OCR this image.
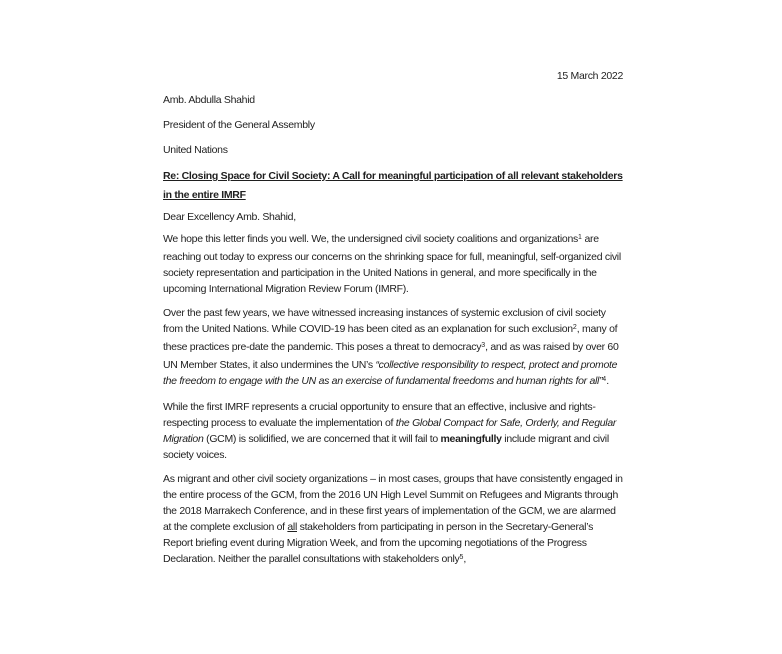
15 March 2022

Amb. Abdulla Shahid

President of the General Assembly

United Nations

Re: Closing Space for Civil Society: A Call for meaningful participation of all relevant stakeholders in the entire IMRF

Dear Excellency Amb. Shahid,

We hope this letter finds you well. We, the undersigned civil society coalitions and organizations$^1$ are reaching out today to express our concerns on the shrinking space for full, meaningful, self-organized civil society representation and participation in the United Nations in general, and more specifically in the upcoming International Migration Review Forum (IMRF).

Over the past few years, we have witnessed increasing instances of systemic exclusion of civil society from the United Nations. While COVID-19 has been cited as an explanation for such exclusion$^2$, many of these practices pre-date the pandemic. This poses a threat to democracy$^3$, and as was raised by over 60 UN Member States, it also undermines the UN’s “collective responsibility to respect, protect and promote the freedom to engage with the UN as an exercise of fundamental freedoms and human rights for all”$^4$.

While the first IMRF represents a crucial opportunity to ensure that an effective, inclusive and rights-respecting process to evaluate the implementation of the Global Compact for Safe, Orderly, and Regular Migration (GCM) is solidified, we are concerned that it will fail to meaningfully include migrant and civil society voices.

As migrant and other civil society organizations – in most cases, groups that have consistently engaged in the entire process of the GCM, from the 2016 UN High Level Summit on Refugees and Migrants through the 2018 Marrakech Conference, and in these first years of implementation of the GCM, we are alarmed at the complete exclusion of all stakeholders from participating in person in the Secretary-General’s Report briefing event during Migration Week, and from the upcoming negotiations of the Progress Declaration. Neither the parallel consultations with stakeholders only$^5$,
